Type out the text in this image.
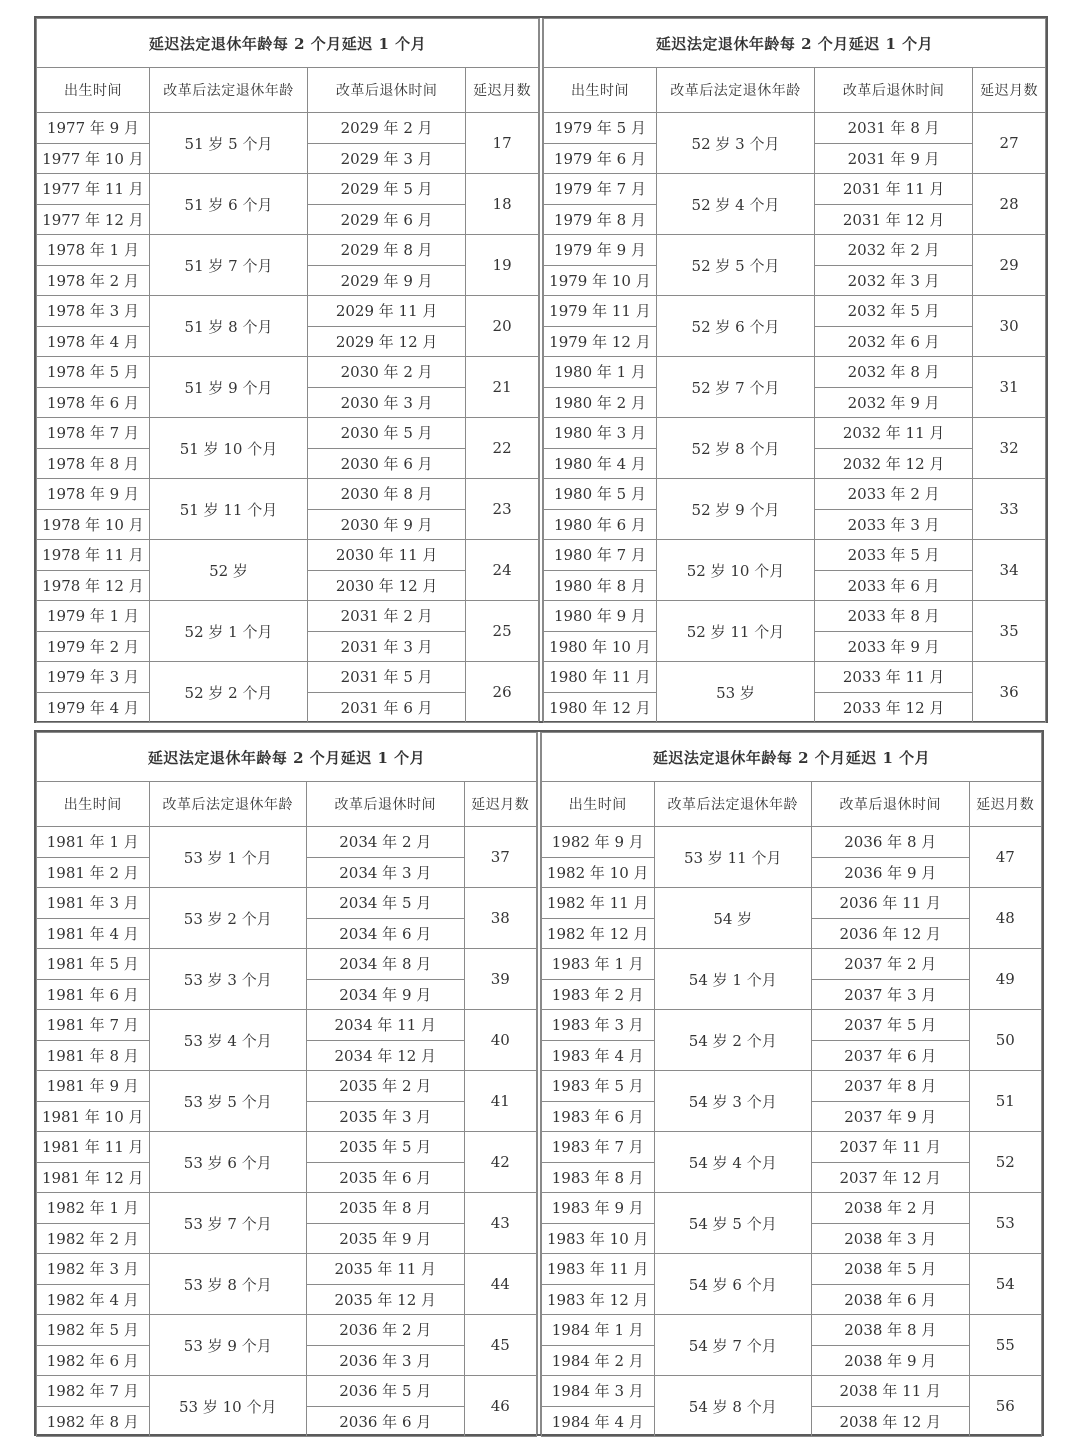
延迟法定退休年龄每 2 个月延迟 1 个月			
出生时间	改革后法定退休年龄	改革后退休时间	延迟月数
1977 年 9 月	51 岁 5 个月	2029 年 2 月	17
1977 年 10 月		2029 年 3 月	
1977 年 11 月	51 岁 6 个月	2029 年 5 月	18
1977 年 12 月		2029 年 6 月	
1978 年 1 月	51 岁 7 个月	2029 年 8 月	19
1978 年 2 月		2029 年 9 月	
1978 年 3 月	51 岁 8 个月	2029 年 11 月	20
1978 年 4 月		2029 年 12 月	
1978 年 5 月	51 岁 9 个月	2030 年 2 月	21
1978 年 6 月		2030 年 3 月	
1978 年 7 月	51 岁 10 个月	2030 年 5 月	22
1978 年 8 月		2030 年 6 月	
1978 年 9 月	51 岁 11 个月	2030 年 8 月	23
1978 年 10 月		2030 年 9 月	
1978 年 11 月	52 岁	2030 年 11 月	24
1978 年 12 月		2030 年 12 月	
1979 年 1 月	52 岁 1 个月	2031 年 2 月	25
1979 年 2 月		2031 年 3 月	
1979 年 3 月	52 岁 2 个月	2031 年 5 月	26
1979 年 4 月		2031 年 6 月	
延迟法定退休年龄每 2 个月延迟 1 个月			
出生时间	改革后法定退休年龄	改革后退休时间	延迟月数
1979 年 5 月	52 岁 3 个月	2031 年 8 月	27
1979 年 6 月		2031 年 9 月	
1979 年 7 月	52 岁 4 个月	2031 年 11 月	28
1979 年 8 月		2031 年 12 月	
1979 年 9 月	52 岁 5 个月	2032 年 2 月	29
1979 年 10 月		2032 年 3 月	
1979 年 11 月	52 岁 6 个月	2032 年 5 月	30
1979 年 12 月		2032 年 6 月	
1980 年 1 月	52 岁 7 个月	2032 年 8 月	31
1980 年 2 月		2032 年 9 月	
1980 年 3 月	52 岁 8 个月	2032 年 11 月	32
1980 年 4 月		2032 年 12 月	
1980 年 5 月	52 岁 9 个月	2033 年 2 月	33
1980 年 6 月		2033 年 3 月	
1980 年 7 月	52 岁 10 个月	2033 年 5 月	34
1980 年 8 月		2033 年 6 月	
1980 年 9 月	52 岁 11 个月	2033 年 8 月	35
1980 年 10 月		2033 年 9 月	
1980 年 11 月	53 岁	2033 年 11 月	36
1980 年 12 月		2033 年 12 月	
延迟法定退休年龄每 2 个月延迟 1 个月			
出生时间	改革后法定退休年龄	改革后退休时间	延迟月数
1981 年 1 月	53 岁 1 个月	2034 年 2 月	37
1981 年 2 月		2034 年 3 月	
1981 年 3 月	53 岁 2 个月	2034 年 5 月	38
1981 年 4 月		2034 年 6 月	
1981 年 5 月	53 岁 3 个月	2034 年 8 月	39
1981 年 6 月		2034 年 9 月	
1981 年 7 月	53 岁 4 个月	2034 年 11 月	40
1981 年 8 月		2034 年 12 月	
1981 年 9 月	53 岁 5 个月	2035 年 2 月	41
1981 年 10 月		2035 年 3 月	
1981 年 11 月	53 岁 6 个月	2035 年 5 月	42
1981 年 12 月		2035 年 6 月	
1982 年 1 月	53 岁 7 个月	2035 年 8 月	43
1982 年 2 月		2035 年 9 月	
1982 年 3 月	53 岁 8 个月	2035 年 11 月	44
1982 年 4 月		2035 年 12 月	
1982 年 5 月	53 岁 9 个月	2036 年 2 月	45
1982 年 6 月		2036 年 3 月	
1982 年 7 月	53 岁 10 个月	2036 年 5 月	46
1982 年 8 月		2036 年 6 月	
延迟法定退休年龄每 2 个月延迟 1 个月			
出生时间	改革后法定退休年龄	改革后退休时间	延迟月数
1982 年 9 月	53 岁 11 个月	2036 年 8 月	47
1982 年 10 月		2036 年 9 月	
1982 年 11 月	54 岁	2036 年 11 月	48
1982 年 12 月		2036 年 12 月	
1983 年 1 月	54 岁 1 个月	2037 年 2 月	49
1983 年 2 月		2037 年 3 月	
1983 年 3 月	54 岁 2 个月	2037 年 5 月	50
1983 年 4 月		2037 年 6 月	
1983 年 5 月	54 岁 3 个月	2037 年 8 月	51
1983 年 6 月		2037 年 9 月	
1983 年 7 月	54 岁 4 个月	2037 年 11 月	52
1983 年 8 月		2037 年 12 月	
1983 年 9 月	54 岁 5 个月	2038 年 2 月	53
1983 年 10 月		2038 年 3 月	
1983 年 11 月	54 岁 6 个月	2038 年 5 月	54
1983 年 12 月		2038 年 6 月	
1984 年 1 月	54 岁 7 个月	2038 年 8 月	55
1984 年 2 月		2038 年 9 月	
1984 年 3 月	54 岁 8 个月	2038 年 11 月	56
1984 年 4 月		2038 年 12 月	
